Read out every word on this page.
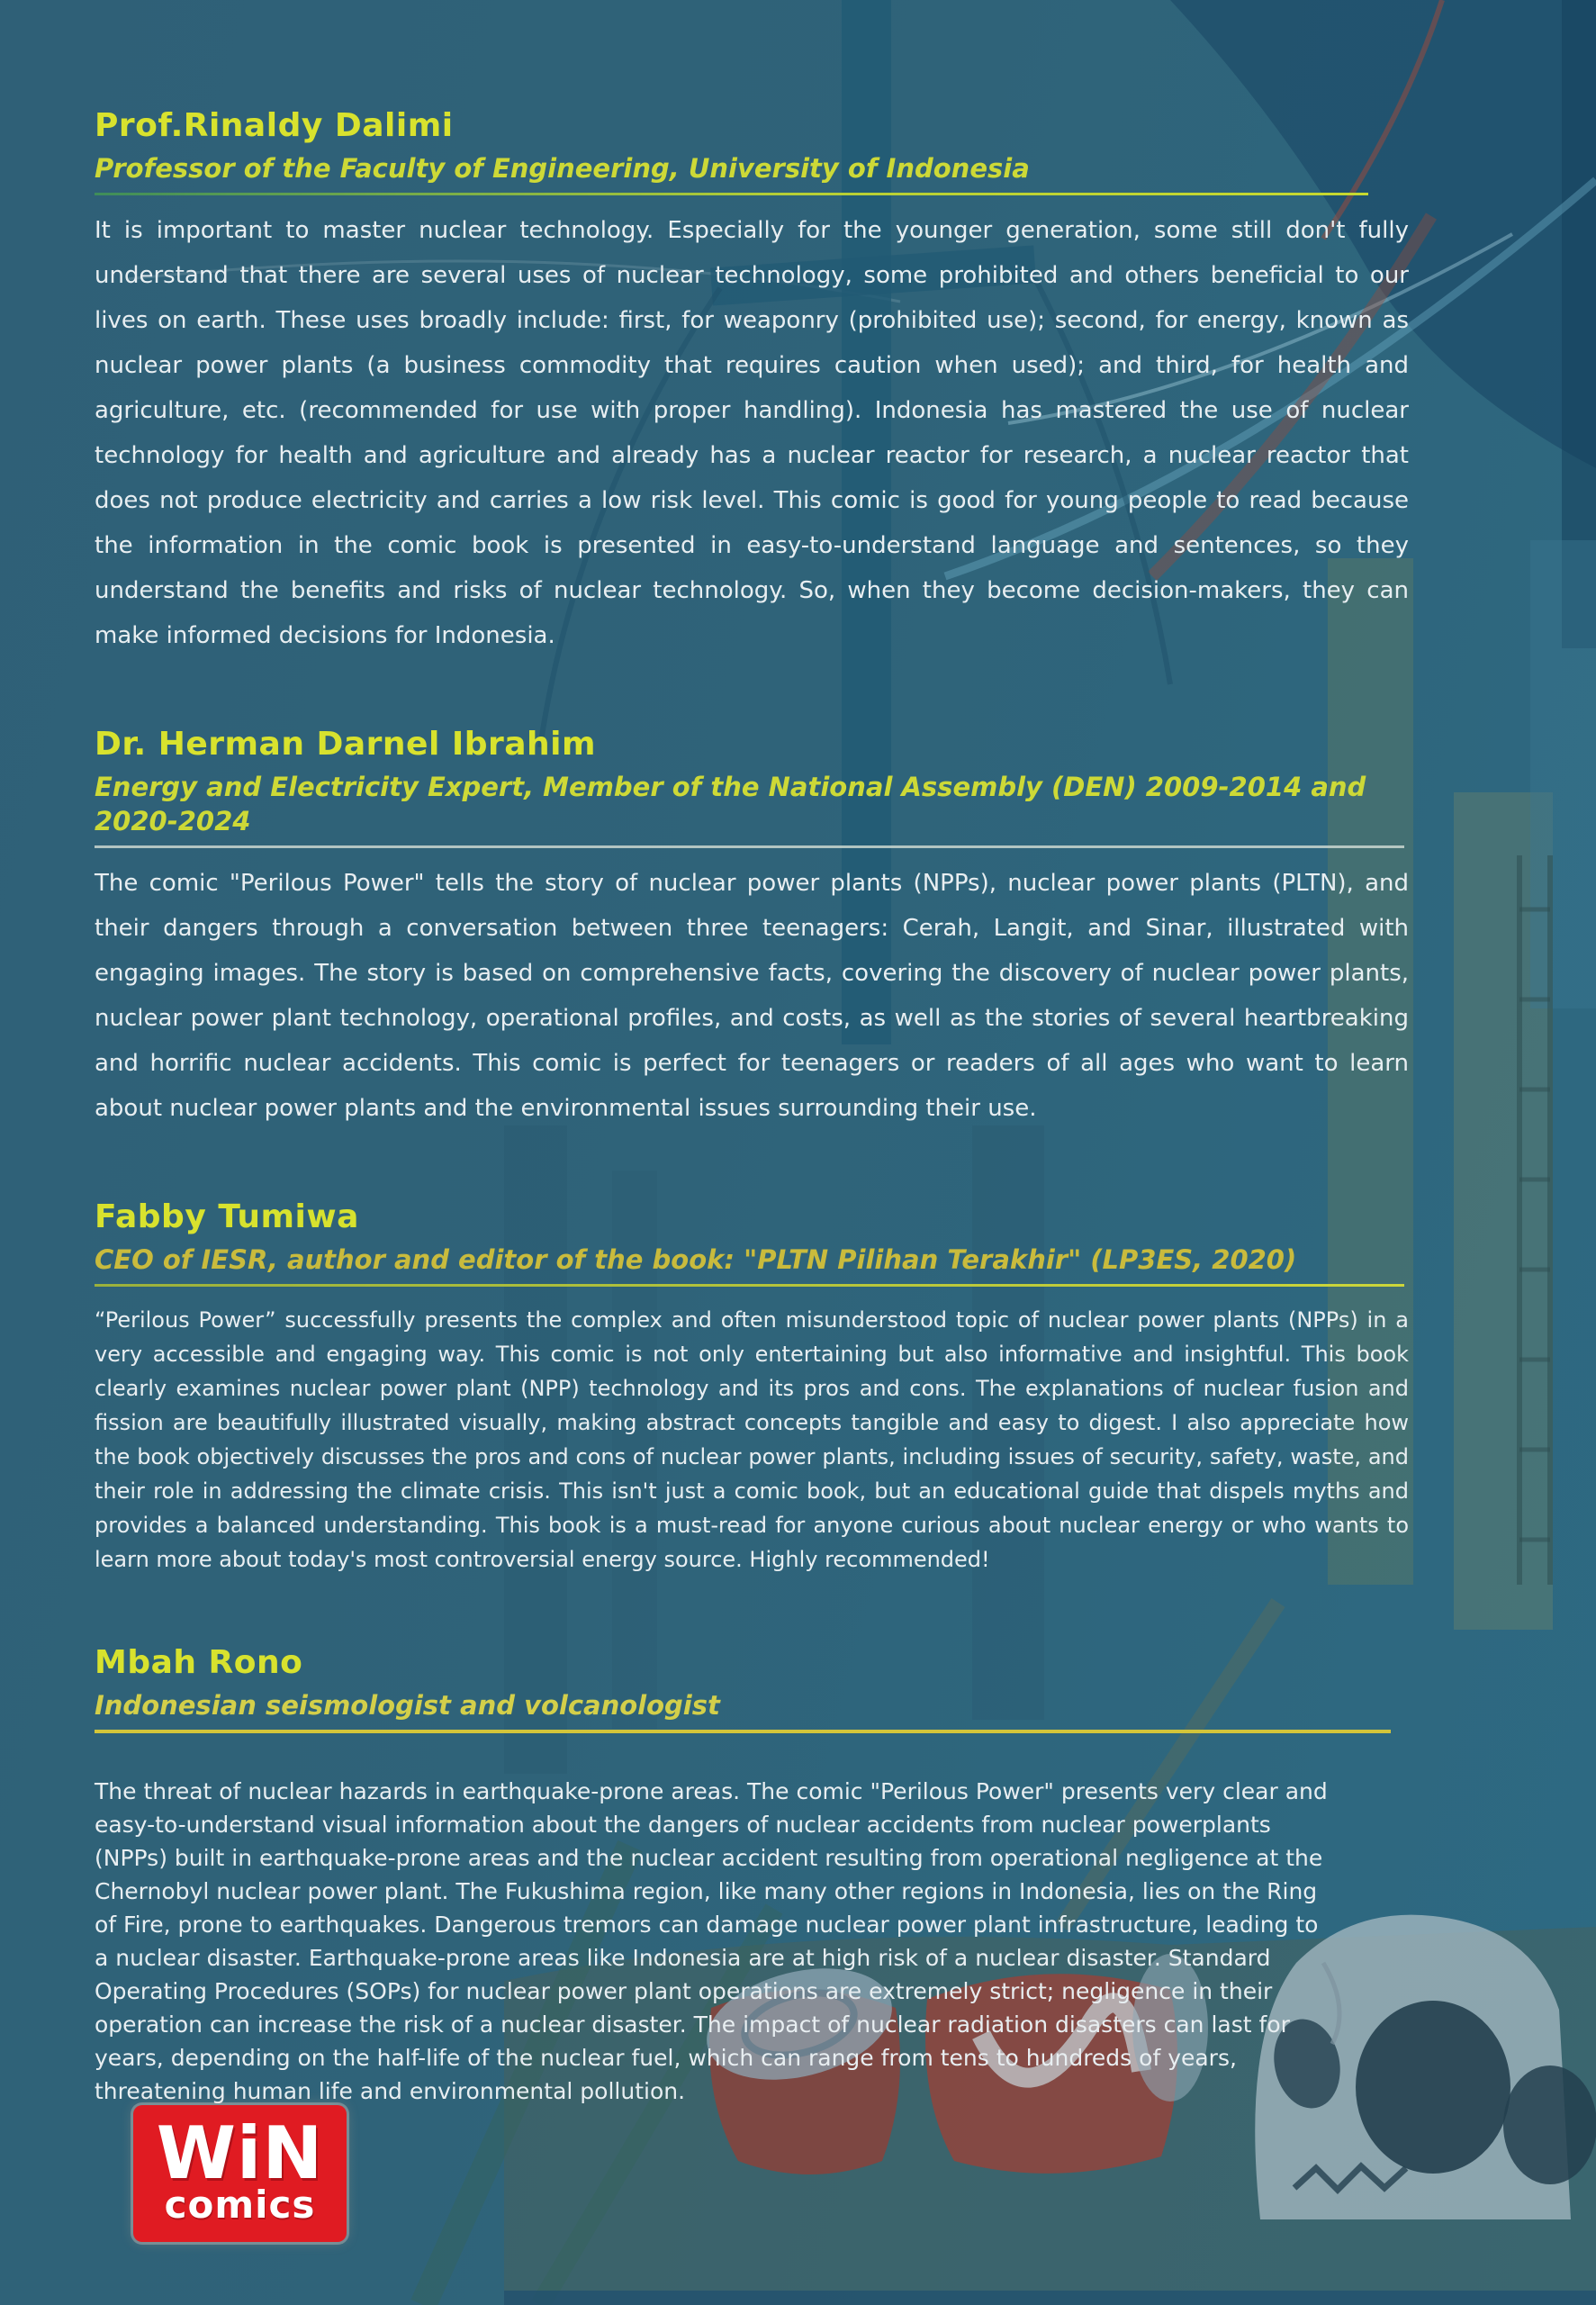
Prof.Rinaldy Dalimi
Professor of the Faculty of Engineering, University of Indonesia

It is important to master nuclear technology. Especially for the younger generation, some still don't fully understand that there are several uses of nuclear technology, some prohibited and others beneficial to our lives on earth. These uses broadly include: first, for weaponry (prohibited use); second, for energy, known as nuclear power plants (a business commodity that requires caution when used); and third, for health and agriculture, etc. (recommended for use with proper handling). Indonesia has mastered the use of nuclear technology for health and agriculture and already has a nuclear reactor for research, a nuclear reactor that does not produce electricity and carries a low risk level. This comic is good for young people to read because the information in the comic book is presented in easy-to-understand language and sentences, so they understand the benefits and risks of nuclear technology. So, when they become decision-makers, they can make informed decisions for Indonesia.

Dr. Herman Darnel Ibrahim
Energy and Electricity Expert, Member of the National Assembly (DEN) 2009-2014 and 2020-2024

The comic "Perilous Power" tells the story of nuclear power plants (NPPs), nuclear power plants (PLTN), and their dangers through a conversation between three teenagers: Cerah, Langit, and Sinar, illustrated with engaging images. The story is based on comprehensive facts, covering the discovery of nuclear power plants, nuclear power plant technology, operational profiles, and costs, as well as the stories of several heartbreaking and horrific nuclear accidents. This comic is perfect for teenagers or readers of all ages who want to learn about nuclear power plants and the environmental issues surrounding their use.

Fabby Tumiwa
CEO of IESR, author and editor of the book: "PLTN Pilihan Terakhir" (LP3ES, 2020)

“Perilous Power” successfully presents the complex and often misunderstood topic of nuclear power plants (NPPs) in a very accessible and engaging way. This comic is not only entertaining but also informative and insightful. This book clearly examines nuclear power plant (NPP) technology and its pros and cons. The explanations of nuclear fusion and fission are beautifully illustrated visually, making abstract concepts tangible and easy to digest. I also appreciate how the book objectively discusses the pros and cons of nuclear power plants, including issues of security, safety, waste, and their role in addressing the climate crisis. This isn't just a comic book, but an educational guide that dispels myths and provides a balanced understanding. This book is a must-read for anyone curious about nuclear energy or who wants to learn more about today's most controversial energy source. Highly recommended!

Mbah Rono
Indonesian seismologist and volcanologist

The threat of nuclear hazards in earthquake-prone areas. The comic "Perilous Power" presents very clear and easy-to-understand visual information about the dangers of nuclear accidents from nuclear powerplants (NPPs) built in earthquake-prone areas and the nuclear accident resulting from operational negligence at the Chernobyl nuclear power plant. The Fukushima region, like many other regions in Indonesia, lies on the Ring of Fire, prone to earthquakes. Dangerous tremors can damage nuclear power plant infrastructure, leading to a nuclear disaster. Earthquake-prone areas like Indonesia are at high risk of a nuclear disaster. Standard Operating Procedures (SOPs) for nuclear power plant operations are extremely strict; negligence in their operation can increase the risk of a nuclear disaster. The impact of nuclear radiation disasters can last for years, depending on the half-life of the nuclear fuel, which can range from tens to hundreds of years, threatening human life and environmental pollution.

WiN
comics
